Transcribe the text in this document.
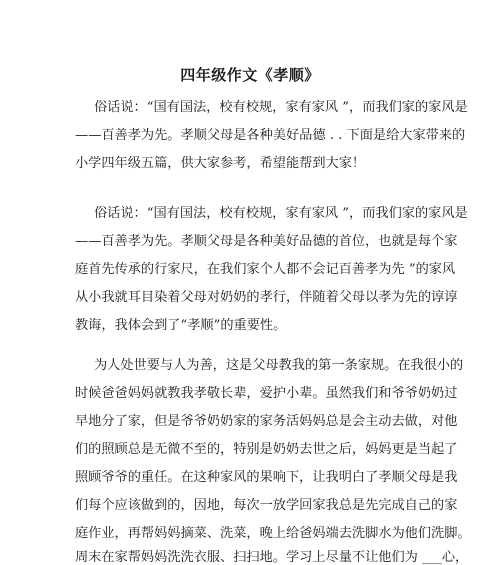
四年级作文《孝顺》
俗话说：“国有国法，校有校规，家有家风 ”，而我们家的家风是
——百善孝为先。孝顺父母是各种美好品德 . . 下面是给大家带来的
小学四年级五篇，供大家参考，希望能帮到大家！
俗话说：“国有国法，校有校规，家有家风 ”，而我们家的家风是
——百善孝为先。孝顺父母是各种美好品德的首位，也就是每个家
庭首先传承的行家尺，在我们家个人都不会记百善孝为先 ”的家风
从小我就耳目染着父母对奶奶的孝行，伴随着父母以孝为先的谆谆
教诲，我体会到了“孝顺”的重要性。
为人处世要与人为善，这是父母教我的第一条家规。在我很小的
时候爸爸妈妈就教我孝敬长辈，爱护小辈。虽然我们和爷爷奶奶过
早地分了家，但是爷爷奶奶家的家务活妈妈总是会主动去做，对他
们的照顾总是无微不至的，特别是奶奶去世之后，妈妈更是当起了
照顾爷爷的重任。在这种家风的果响下，让我明白了孝顺父母是我
们每个应该做到的，因地，每次一放学回家我总是先完成自己的家
庭作业，再帮妈妈摘菜、洗菜，晚上给爸妈端去洗脚水为他们洗脚。
周末在家帮妈妈洗洗衣服、扫扫地。学习上尽量不让他们为 ___心，
